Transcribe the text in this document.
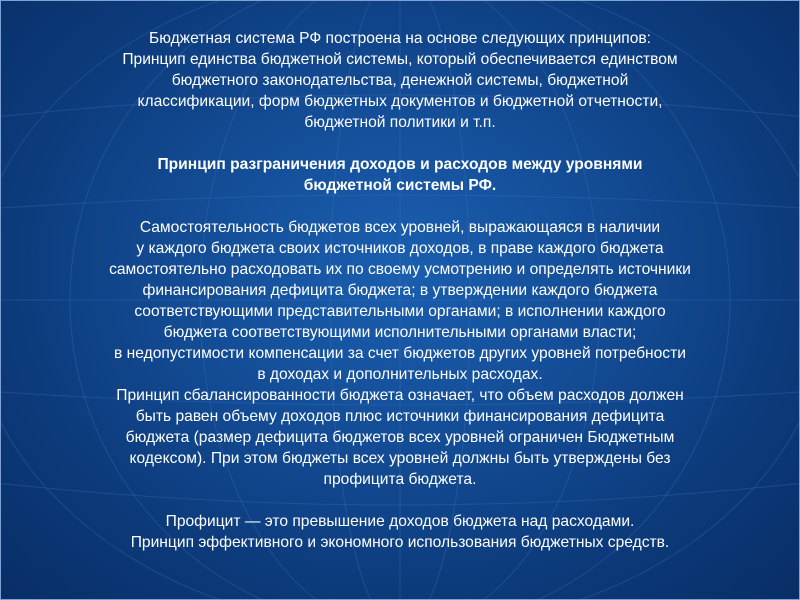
Бюджетная система РФ построена на основе следующих принципов:

Принцип единства бюджетной системы, который обеспечивается единством

бюджетного законодательства, денежной системы, бюджетной

классификации, форм бюджетных документов и бюджетной отчетности,

бюджетной политики и т.п.

Принцип разграничения доходов и расходов между уровнями

бюджетной системы РФ.

Самостоятельность бюджетов всех уровней, выражающаяся в наличии

у каждого бюджета своих источников доходов, в праве каждого бюджета

самостоятельно расходовать их по своему усмотрению и определять источники

финансирования дефицита бюджета; в утверждении каждого бюджета

соответствующими представительными органами; в исполнении каждого

бюджета соответствующими исполнительными органами власти;

в недопустимости компенсации за счет бюджетов других уровней потребности

в доходах и дополнительных расходах.

Принцип сбалансированности бюджета означает, что объем расходов должен

быть равен объему доходов плюс источники финансирования дефицита

бюджета (размер дефицита бюджетов всех уровней ограничен Бюджетным

кодексом). При этом бюджеты всех уровней должны быть утверждены без

профицита бюджета.

Профицит — это превышение доходов бюджета над расходами.

Принцип эффективного и экономного использования бюджетных средств.
